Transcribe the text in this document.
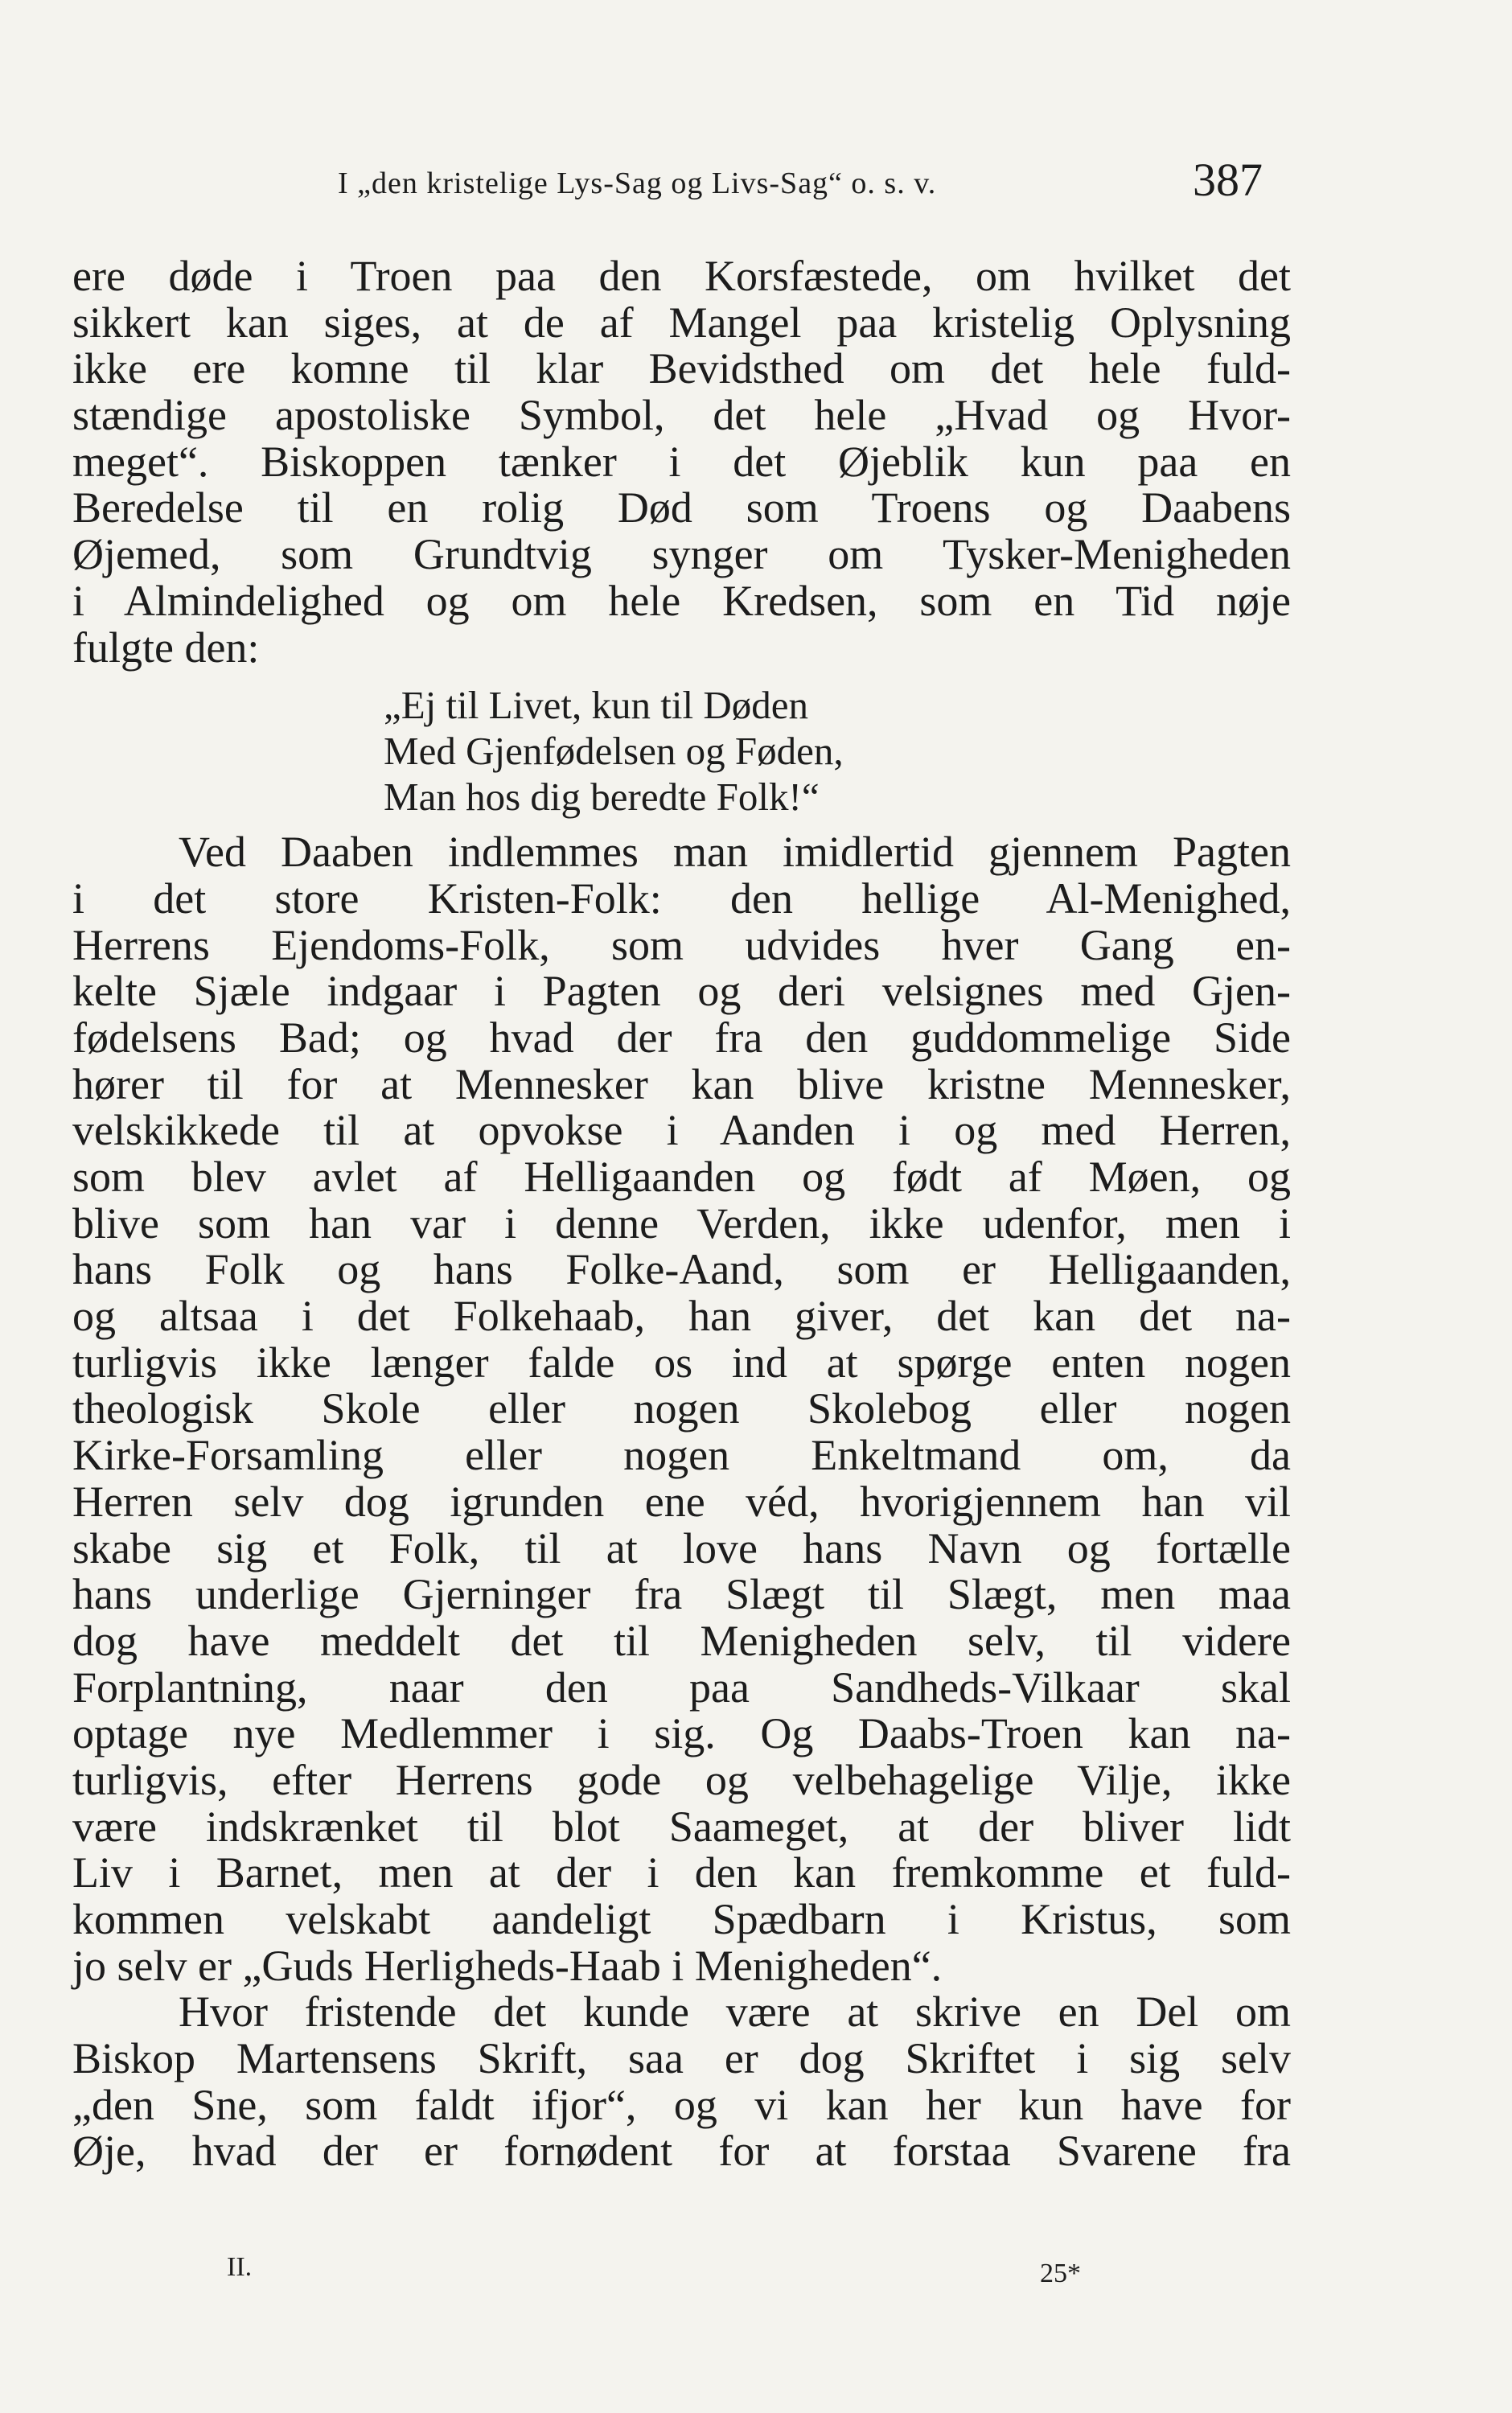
I „den kristelige Lys-Sag og Livs-Sag“ o. s. v.	387
ere døde i Troen paa den Korsfæstede, om hvilket det
sikkert kan siges, at de af Mangel paa kristelig Oplysning
ikke ere komne til klar Bevidsthed om det hele fuld-
stændige apostoliske Symbol, det hele „Hvad og Hvor-
meget“. Biskoppen tænker i det Øjeblik kun paa en
Beredelse til en rolig Død som Troens og Daabens
Øjemed, som Grundtvig synger om Tysker-Menigheden
i Almindelighed og om hele Kredsen, som en Tid nøje
fulgte den:
„Ej til Livet, kun til Døden
Med Gjenfødelsen og Føden,
Man hos dig beredte Folk!“
Ved Daaben indlemmes man imidlertid gjennem Pagten
i det store Kristen-Folk: den hellige Al-Menighed,
Herrens Ejendoms-Folk, som udvides hver Gang en-
kelte Sjæle indgaar i Pagten og deri velsignes med Gjen-
fødelsens Bad; og hvad der fra den guddommelige Side
hører til for at Mennesker kan blive kristne Mennesker,
velskikkede til at opvokse i Aanden i og med Herren,
som blev avlet af Helligaanden og født af Møen, og
blive som han var i denne Verden, ikke udenfor, men i
hans Folk og hans Folke-Aand, som er Helligaanden,
og altsaa i det Folkehaab, han giver, det kan det na-
turligvis ikke længer falde os ind at spørge enten nogen
theologisk Skole eller nogen Skolebog eller nogen
Kirke-Forsamling eller nogen Enkeltmand om, da
Herren selv dog igrunden ene véd, hvorigjennem han vil
skabe sig et Folk, til at love hans Navn og fortælle
hans underlige Gjerninger fra Slægt til Slægt, men maa
dog have meddelt det til Menigheden selv, til videre
Forplantning, naar den paa Sandheds-Vilkaar skal
optage nye Medlemmer i sig. Og Daabs-Troen kan na-
turligvis, efter Herrens gode og velbehagelige Vilje, ikke
være indskrænket til blot Saameget, at der bliver lidt
Liv i Barnet, men at der i den kan fremkomme et fuld-
kommen velskabt aandeligt Spædbarn i Kristus, som
jo selv er „Guds Herligheds-Haab i Menigheden“.
Hvor fristende det kunde være at skrive en Del om
Biskop Martensens Skrift, saa er dog Skriftet i sig selv
„den Sne, som faldt ifjor“, og vi kan her kun have for
Øje, hvad der er fornødent for at forstaa Svarene fra
II.	25*
